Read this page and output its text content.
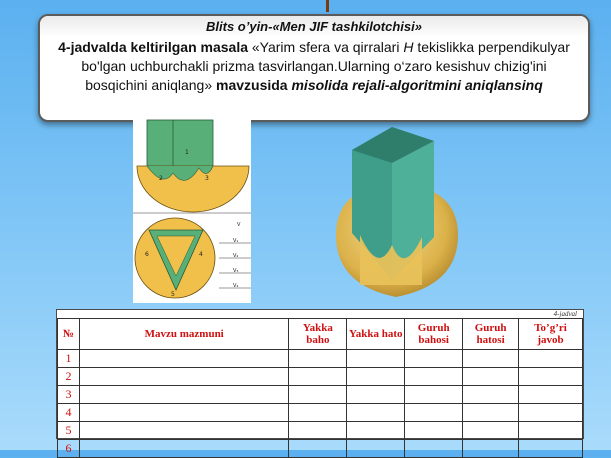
Blits o’yin-«Men JIF tashkilotchisi»
4-jadvalda keltirilgan masala «Yarim sfera va qirralari H tekislikka perpendikulyar bo'lgan uchburchakli prizma tasvirlangan.Ularning o‘zaro kesishuv chizig'ini bosqichini aniqlang» mavzusida misolida rejali-algoritmini aniqlansinq
1
2	3
V
V₁
V₂
V₃
V₄
6	4
5
4-jadval
№	Mavzu mazmuni	Yakka baho	Yakka hato	Guruh bahosi	Guruh hatosi	To’g’ri javob
1						
2						
3						
4						
5						
6						
